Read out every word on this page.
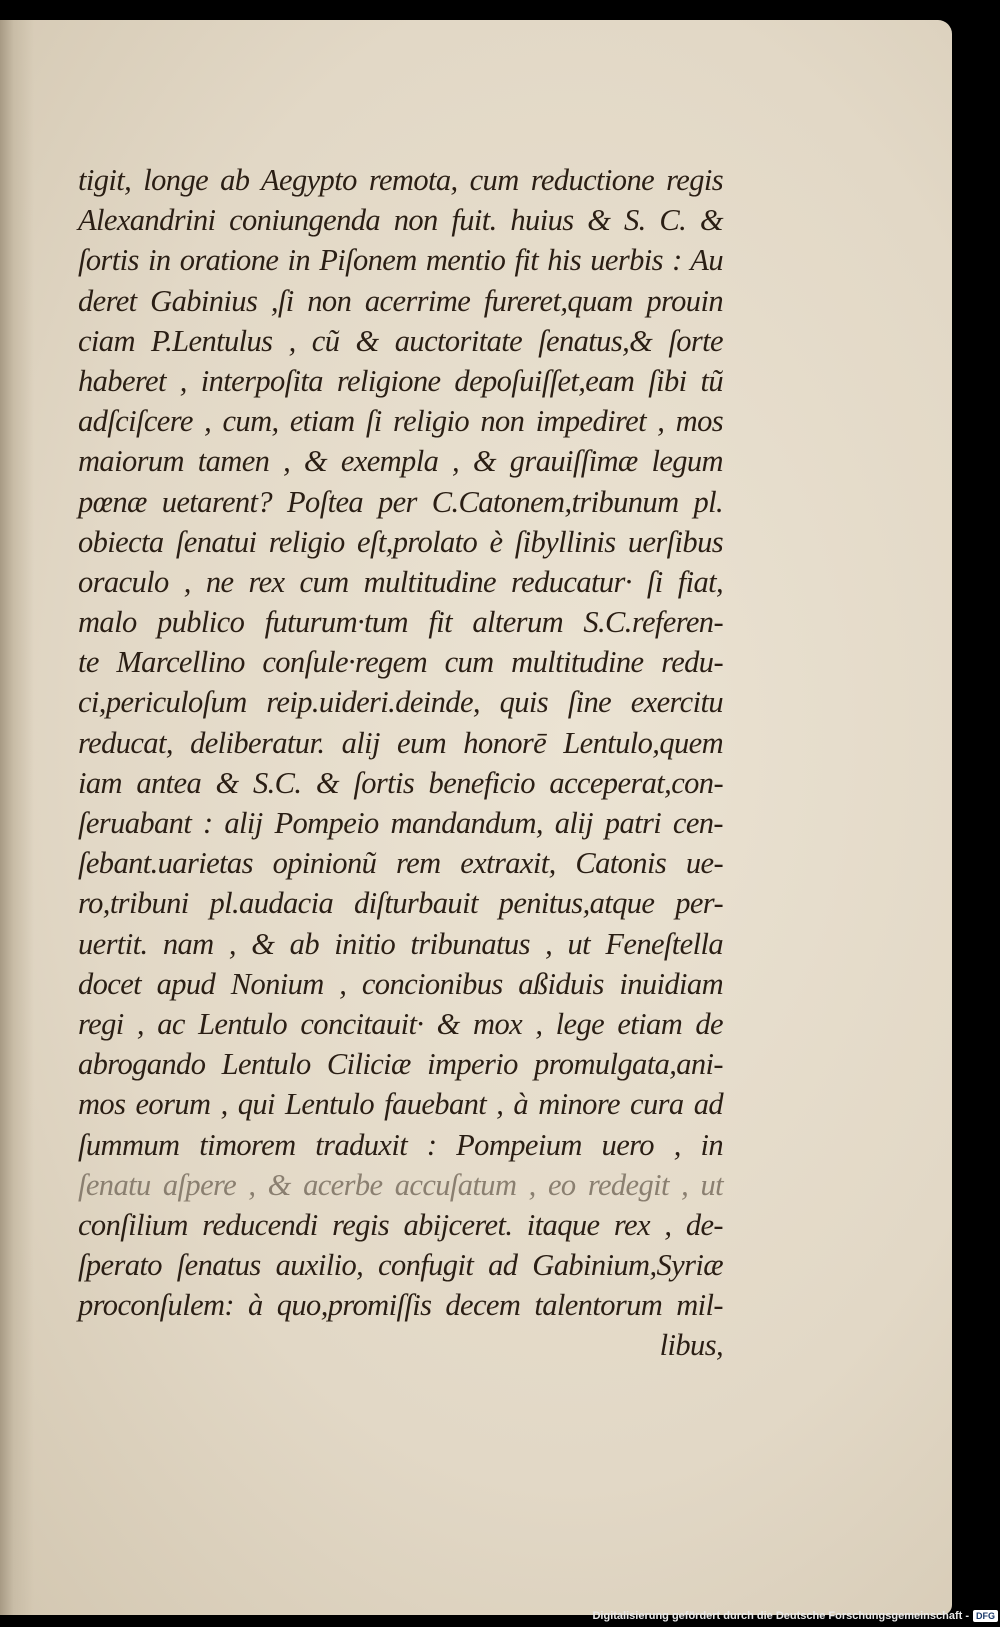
tigit, longe ab Aegypto remota, cum reductione regis
Alexandrini coniungenda non fuit. huius & S. C. &
ſortis in oratione in Piſonem mentio fit his uerbis : Au
deret Gabinius ,ſi non acerrime fureret,quam prouin
ciam P.Lentulus , cũ & auctoritate ſenatus,& ſorte
haberet , interpoſita religione depoſuiſſet,eam ſibi tũ
adſciſcere , cum, etiam ſi religio non impediret , mos
maiorum tamen , & exempla , & grauiſſimæ legum
pœnæ uetarent? Poſtea per C.Catonem,tribunum pl.
obiecta ſenatui religio eſt,prolato è ſibyllinis uerſibus
oraculo , ne rex cum multitudine reducatur· ſi fiat,
malo publico futurum·tum fit alterum S.C.referen-
te Marcellino conſule·regem cum multitudine redu-
ci,periculoſum reip.uideri.deinde, quis ſine exercitu
reducat, deliberatur. alij eum honorē Lentulo,quem
iam antea & S.C. & ſortis beneficio acceperat,con-
ſeruabant : alij Pompeio mandandum, alij patri cen-
ſebant.uarietas opinionũ rem extraxit, Catonis ue-
ro,tribuni pl.audacia diſturbauit penitus,atque per-
uertit. nam , & ab initio tribunatus , ut Feneſtella
docet apud Nonium , concionibus aßiduis inuidiam
regi , ac Lentulo concitauit· & mox , lege etiam de
abrogando Lentulo Ciliciæ imperio promulgata,ani-
mos eorum , qui Lentulo fauebant , à minore cura ad
ſummum timorem traduxit : Pompeium uero , in
ſenatu aſpere , & acerbe accuſatum , eo redegit , ut
conſilium reducendi regis abijceret. itaque rex , de-
ſperato ſenatus auxilio, confugit ad Gabinium,Syriæ
proconſulem: à quo,promiſſis decem talentorum mil-
libus,
Digitalisierung gefördert durch die Deutsche Forschungsgemeinschaft - DFG
